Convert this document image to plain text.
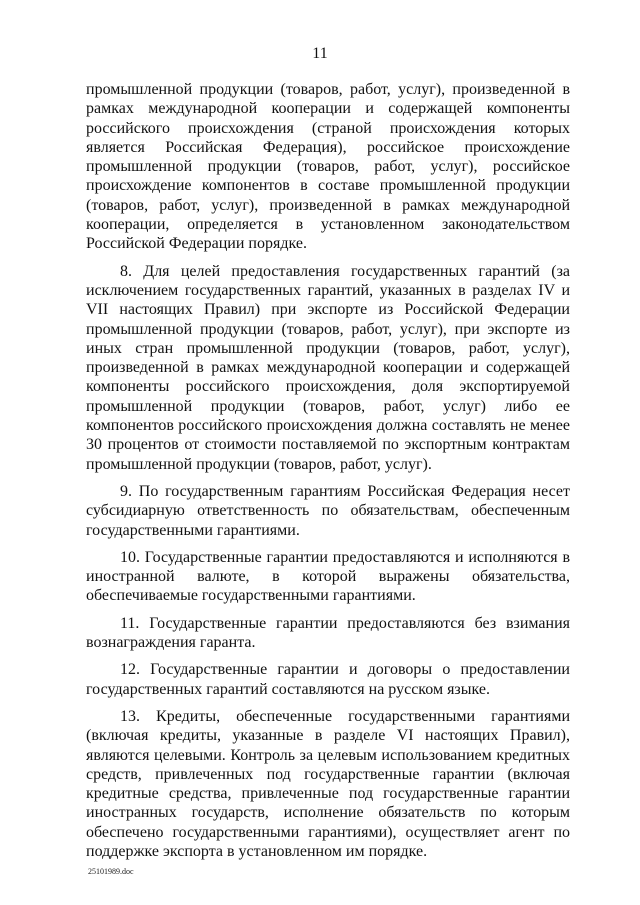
11

промышленной продукции (товаров, работ, услуг), произведенной в рамках международной кооперации и содержащей компоненты российского происхождения (страной происхождения которых является Российская Федерация), российское происхождение промышленной продукции (товаров, работ, услуг), российское происхождение компонентов в составе промышленной продукции (товаров, работ, услуг), произведенной в рамках международной кооперации, определяется в установленном законодательством Российской Федерации порядке.

8. Для целей предоставления государственных гарантий (за исключением государственных гарантий, указанных в разделах IV и VII настоящих Правил) при экспорте из Российской Федерации промышленной продукции (товаров, работ, услуг), при экспорте из иных стран промышленной продукции (товаров, работ, услуг), произведенной в рамках международной кооперации и содержащей компоненты российского происхождения, доля экспортируемой промышленной продукции (товаров, работ, услуг) либо ее компонентов российского происхождения должна составлять не менее 30 процентов от стоимости поставляемой по экспортным контрактам промышленной продукции (товаров, работ, услуг).

9. По государственным гарантиям Российская Федерация несет субсидиарную ответственность по обязательствам, обеспеченным государственными гарантиями.

10. Государственные гарантии предоставляются и исполняются в иностранной валюте, в которой выражены обязательства, обеспечиваемые государственными гарантиями.

11. Государственные гарантии предоставляются без взимания вознаграждения гаранта.

12. Государственные гарантии и договоры о предоставлении государственных гарантий составляются на русском языке.

13. Кредиты, обеспеченные государственными гарантиями (включая кредиты, указанные в разделе VI настоящих Правил), являются целевыми. Контроль за целевым использованием кредитных средств, привлеченных под государственные гарантии (включая кредитные средства, привлеченные под государственные гарантии иностранных государств, исполнение обязательств по которым обеспечено государственными гарантиями), осуществляет агент по поддержке экспорта в установленном им порядке.

25101989.doc
